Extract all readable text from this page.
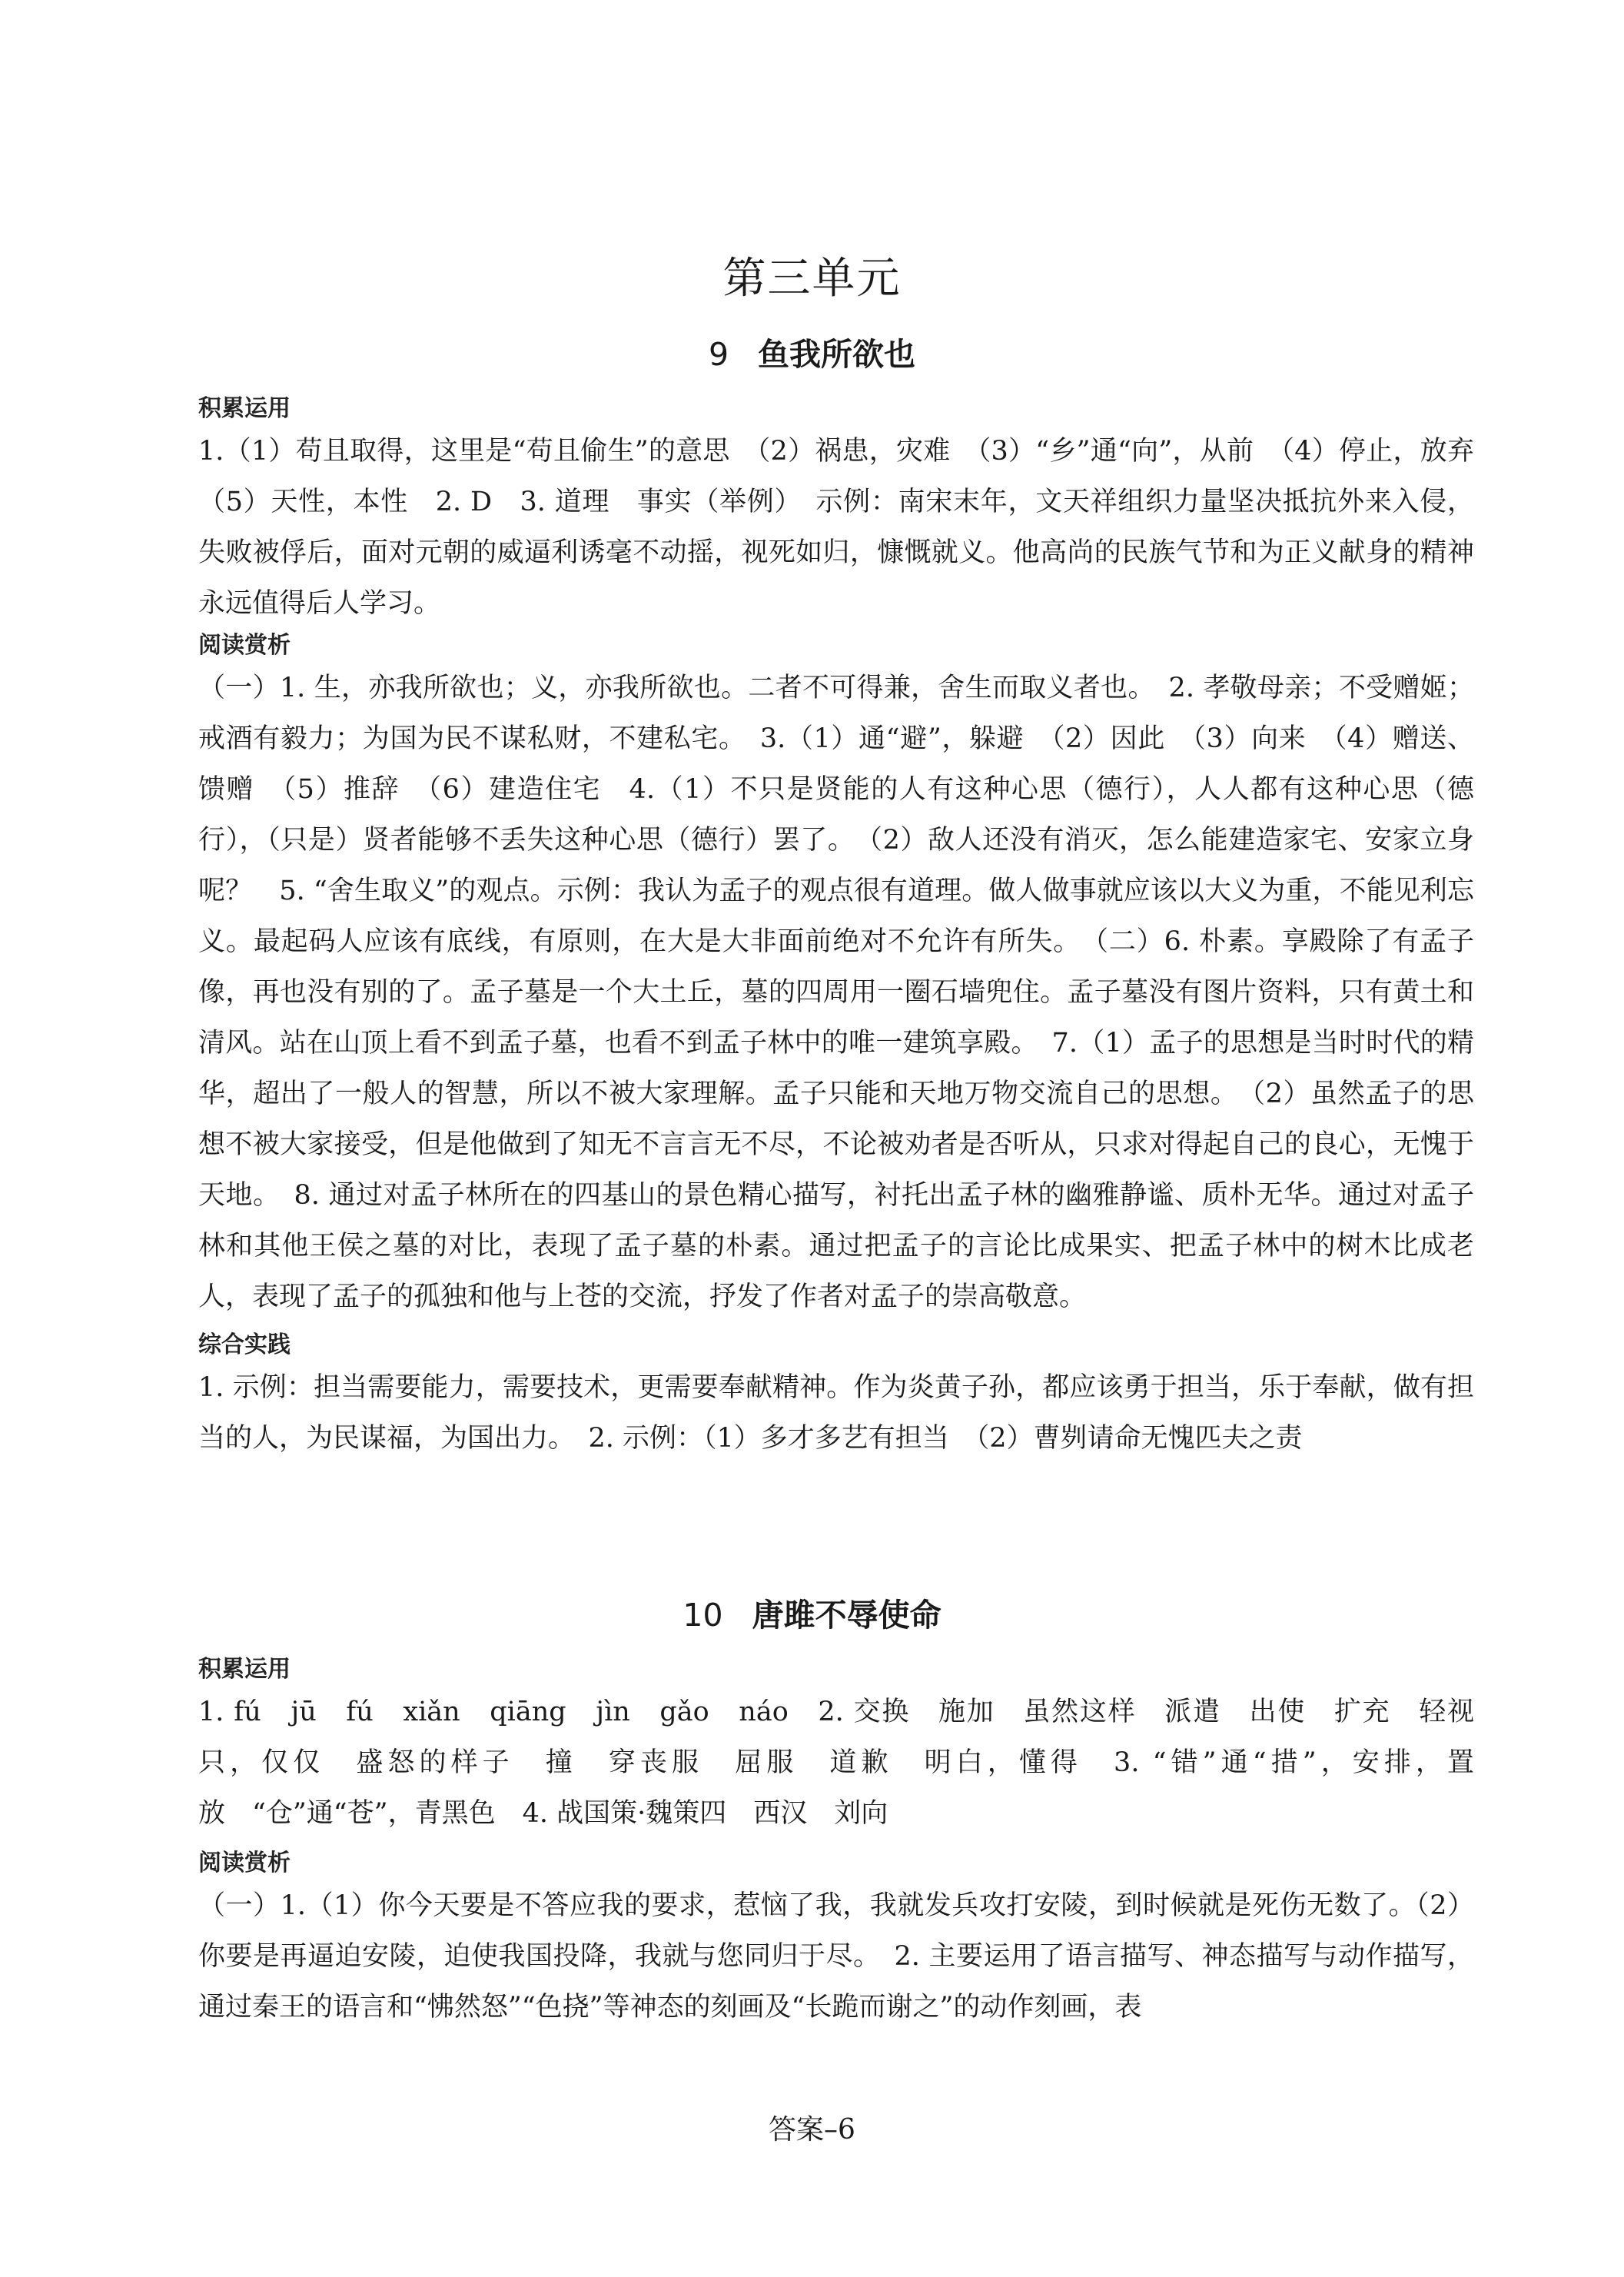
第三单元
9 鱼我所欲也

积累运用

1.（1）苟且取得，这里是“苟且偷生”的意思　（2）祸患，灾难　（3）“乡”通“向”，从前　（4）停止，放弃　（5）天性，本性　2. D　3. 道理　事实（举例）　示例：南宋末年，文天祥组织力量坚决抵抗外来入侵，失败被俘后，面对元朝的威逼利诱毫不动摇，视死如归，慷慨就义。他高尚的民族气节和为正义献身的精神永远值得后人学习。

阅读赏析

（一）1. 生，亦我所欲也；义，亦我所欲也。二者不可得兼，舍生而取义者也。　2. 孝敬母亲；不受赠姬；戒酒有毅力；为国为民不谋私财，不建私宅。　3.（1）通“避”，躲避　（2）因此　（3）向来　（4）赠送、馈赠　（5）推辞　（6）建造住宅　4.（1）不只是贤能的人有这种心思（德行），人人都有这种心思（德行），（只是）贤者能够不丢失这种心思（德行）罢了。　（2）敌人还没有消灭，怎么能建造家宅、安家立身呢？　5. “舍生取义”的观点。示例：我认为孟子的观点很有道理。做人做事就应该以大义为重，不能见利忘义。最起码人应该有底线，有原则，在大是大非面前绝对不允许有所失。　（二）6. 朴素。享殿除了有孟子像，再也没有别的了。孟子墓是一个大土丘，墓的四周用一圈石墙兜住。孟子墓没有图片资料，只有黄土和清风。站在山顶上看不到孟子墓，也看不到孟子林中的唯一建筑享殿。　7.（1）孟子的思想是当时时代的精华，超出了一般人的智慧，所以不被大家理解。孟子只能和天地万物交流自己的思想。　（2）虽然孟子的思想不被大家接受，但是他做到了知无不言言无不尽，不论被劝者是否听从，只求对得起自己的良心，无愧于天地。　8. 通过对孟子林所在的四基山的景色精心描写，衬托出孟子林的幽雅静谧、质朴无华。通过对孟子林和其他王侯之墓的对比，表现了孟子墓的朴素。通过把孟子的言论比成果实、把孟子林中的树木比成老人，表现了孟子的孤独和他与上苍的交流，抒发了作者对孟子的崇高敬意。

综合实践

1. 示例：担当需要能力，需要技术，更需要奉献精神。作为炎黄子孙，都应该勇于担当，乐于奉献，做有担当的人，为民谋福，为国出力。　2. 示例：（1）多才多艺有担当　（2）曹刿请命无愧匹夫之责

10 唐雎不辱使命

积累运用

1. fú　jū　fú　xiǎn　qiāng　jìn　gǎo　náo　2. 交换　施加　虽然这样　派遣　出使　扩充　轻视　只，仅仅　盛怒的样子　撞　穿丧服　屈服　道歉　明白，懂得　3. “错”通“措”，安排，置放　“仓”通“苍”，青黑色　4. 战国策·魏策四　西汉　刘向

阅读赏析

（一）1.（1）你今天要是不答应我的要求，惹恼了我，我就发兵攻打安陵，到时候就是死伤无数了。（2）你要是再逼迫安陵，迫使我国投降，我就与您同归于尽。　2. 主要运用了语言描写、神态描写与动作描写，通过秦王的语言和“怫然怒”“色挠”等神态的刻画及“长跪而谢之”的动作刻画，表

答案–6
